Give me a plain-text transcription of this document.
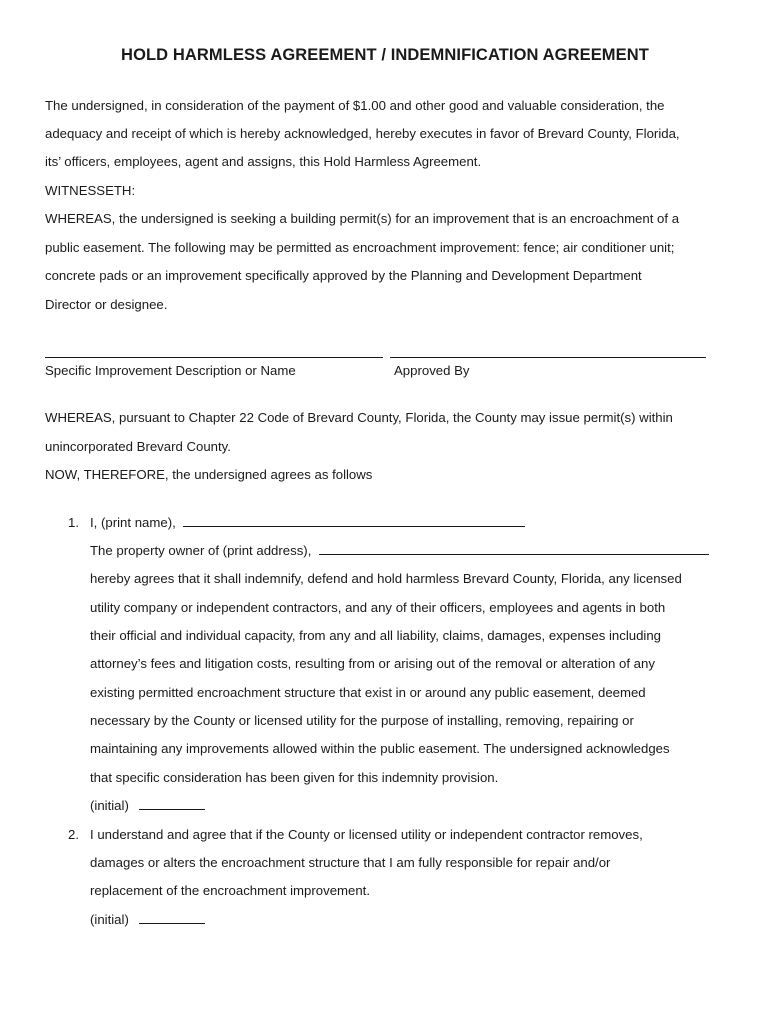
HOLD HARMLESS AGREEMENT / INDEMNIFICATION AGREEMENT
The undersigned, in consideration of the payment of $1.00 and other good and valuable consideration, the
adequacy and receipt of which is hereby acknowledged, hereby executes in favor of Brevard County, Florida,
its’ officers, employees, agent and assigns, this Hold Harmless Agreement.
WITNESSETH:
WHEREAS, the undersigned is seeking a building permit(s) for an improvement that is an encroachment of a
public easement. The following may be permitted as encroachment improvement: fence; air conditioner unit;
concrete pads or an improvement specifically approved by the Planning and Development Department
Director or designee.
Specific Improvement Description or Name	Approved By
WHEREAS, pursuant to Chapter 22 Code of Brevard County, Florida, the County may issue permit(s) within
unincorporated Brevard County.
NOW, THEREFORE, the undersigned agrees as follows
1. I, (print name),
The property owner of (print address),
hereby agrees that it shall indemnify, defend and hold harmless Brevard County, Florida, any licensed
utility company or independent contractors, and any of their officers, employees and agents in both
their official and individual capacity, from any and all liability, claims, damages, expenses including
attorney’s fees and litigation costs, resulting from or arising out of the removal or alteration of any
existing permitted encroachment structure that exist in or around any public easement, deemed
necessary by the County or licensed utility for the purpose of installing, removing, repairing or
maintaining any improvements allowed within the public easement. The undersigned acknowledges
that specific consideration has been given for this indemnity provision.
(initial)
2. I understand and agree that if the County or licensed utility or independent contractor removes,
damages or alters the encroachment structure that I am fully responsible for repair and/or
replacement of the encroachment improvement.
(initial)
